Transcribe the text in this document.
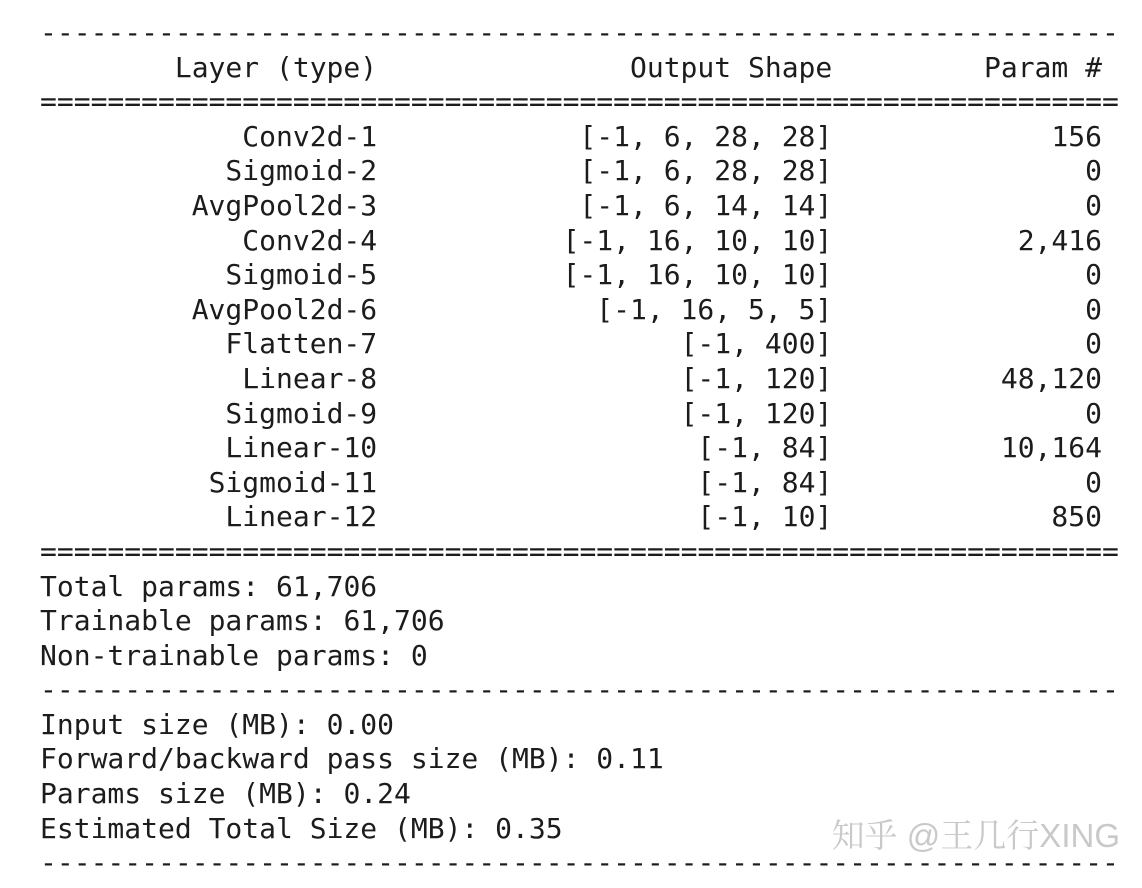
----------------------------------------------------------------
Layer (type)	Output Shape	Param #
================================================================
Conv2d-1	[-1, 6, 28, 28]	156
Sigmoid-2	[-1, 6, 28, 28]	0
AvgPool2d-3	[-1, 6, 14, 14]	0
Conv2d-4	[-1, 16, 10, 10]	2,416
Sigmoid-5	[-1, 16, 10, 10]	0
AvgPool2d-6	[-1, 16, 5, 5]	0
Flatten-7	[-1, 400]	0
Linear-8	[-1, 120]	48,120
Sigmoid-9	[-1, 120]	0
Linear-10	[-1, 84]	10,164
Sigmoid-11	[-1, 84]	0
Linear-12	[-1, 10]	850
================================================================
Total params: 61,706
Trainable params: 61,706
Non-trainable params: 0
----------------------------------------------------------------
Input size (MB): 0.00
Forward/backward pass size (MB): 0.11
Params size (MB): 0.24
Estimated Total Size (MB): 0.35
----------------------------------------------------------------
知乎 @王几行XING
